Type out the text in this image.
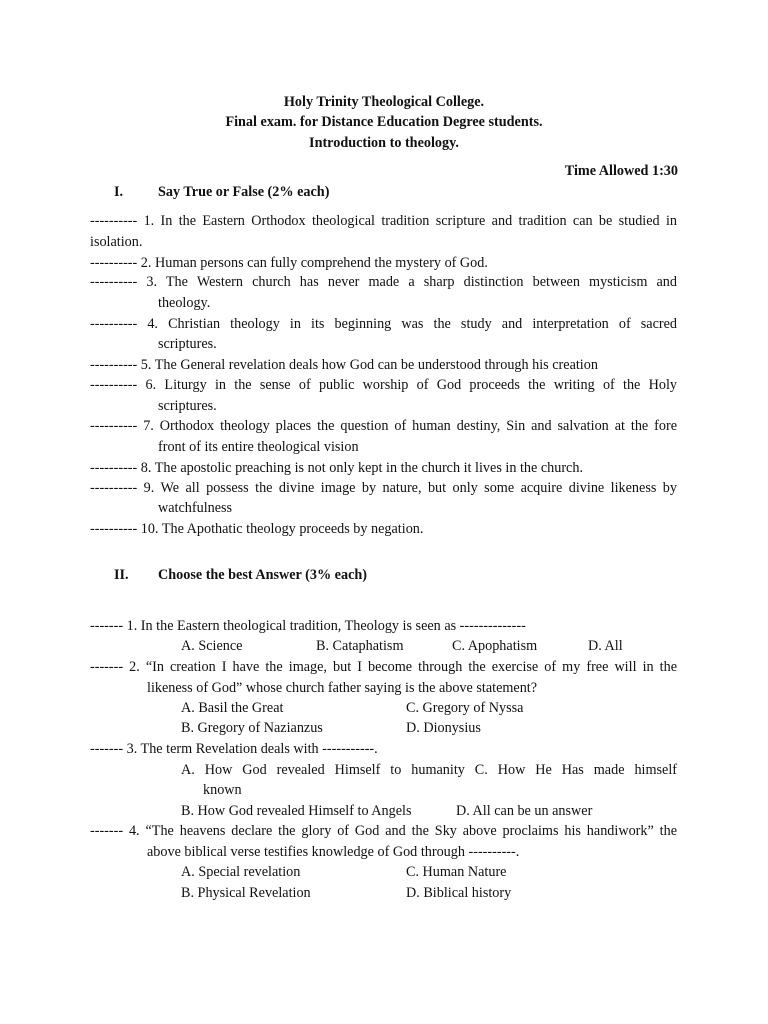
Holy Trinity Theological College.
Final exam. for Distance Education Degree students.
Introduction to theology.
Time Allowed 1:30
I. Say True or False (2% each)
---------- 1. In the Eastern Orthodox theological tradition scripture and tradition can be studied in
isolation.
---------- 2. Human persons can fully comprehend the mystery of God.
---------- 3. The Western church has never made a sharp distinction between mysticism and
theology.
---------- 4. Christian theology in its beginning was the study and interpretation of sacred
scriptures.
---------- 5. The General revelation deals how God can be understood through his creation
---------- 6. Liturgy in the sense of public worship of God proceeds the writing of the Holy
scriptures.
---------- 7. Orthodox theology places the question of human destiny, Sin and salvation at the fore
front of its entire theological vision
---------- 8. The apostolic preaching is not only kept in the church it lives in the church.
---------- 9. We all possess the divine image by nature, but only some acquire divine likeness by
watchfulness
---------- 10. The Apothatic theology proceeds by negation.
II. Choose the best Answer (3% each)
------- 1. In the Eastern theological tradition, Theology is seen as --------------
A. Science	B. Cataphatism	C. Apophatism	D. All
------- 2. “In creation I have the image, but I become through the exercise of my free will in the
likeness of God” whose church father saying is the above statement?
A. Basil the Great	C. Gregory of Nyssa
B. Gregory of Nazianzus	D. Dionysius
------- 3. The term Revelation deals with -----------.
A. How God revealed Himself to humanity C. How He Has made himself
known
B. How God revealed Himself to Angels	D. All can be un answer
------- 4. “The heavens declare the glory of God and the Sky above proclaims his handiwork” the
above biblical verse testifies knowledge of God through ----------.
A. Special revelation	C. Human Nature
B. Physical Revelation	D. Biblical history
